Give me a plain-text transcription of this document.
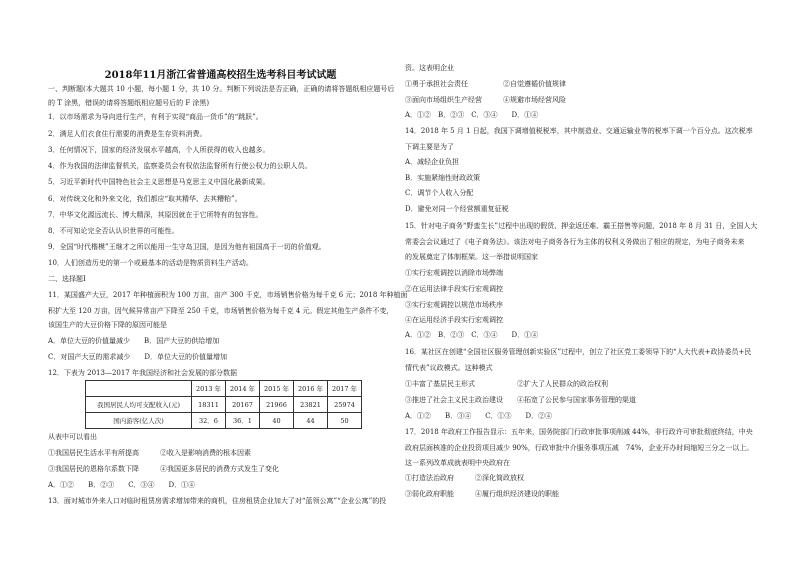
2018年11月浙江省普通高校招生选考科目考试试题
一、判断题(本大题共 10 小题，每小题 1 分，共 10 分。判断下列说法是否正确，正确的请将答题纸相应题号后
的 T 涂黑，错误的请将答题纸相应题号后的 F 涂黑)
1．以市场需求为导向进行生产，有利于实现“商品一货币”的“跳跃”。
2．满足人们衣食住行需要的消费是生存资料消费。
3．任何情况下，国家的经济发展水平越高，个人所获得的收入也越多。
4．作为我国的法律监督机关，监察委员会有权依法监督所有行使公权力的公职人员。
5．习近平新时代中国特色社会主义思想是马克思主义中国化最新成果。
6．对传统文化和外来文化，我们都应“取其精华、去其糟粕”。
7．中华文化源远流长、博大精深，其原因就在于它所特有的包容性。
8．不可知论完全否认认识世界的可能性。
9．全国“时代楷模”王继才之所以能用一生守岛卫国，是因为他有祖国高于一切的价值观。
10．人们创造历史的第一个或最基本的活动是物质资料生产活动。
二、选择题Ⅰ
11．某国盛产大豆，2017 年种植面积为 100 万亩，亩产 300 千克，市场销售价格为每千克 6 元；2018 年种植面
积扩大至 120 万亩，因气候异常亩产下降至 250 千克，市场销售价格为每千克 4 元。假定其他生产条件不变，
该国生产的大豆价格下降的原因可能是
A．单位大豆的价值量减少　　B．国产大豆的供给增加
C．对国产大豆的需求减少　　D．单位大豆的价值量增加
12．下表为 2013—2017 年我国经济和社会发展的部分数据
从表中可以看出
①我国居民生活水平有所提高　　　②收入是影响消费的根本因素
③我国居民的恩格尔系数下降　　　④我国更多居民的消费方式发生了变化
A．①②　　B．②③　　C．③④　　D．①④
13．面对城市外来人口对临时租赁房需求增加带来的商机，住房租赁企业加大了对“蓝领公寓”“企业公寓”的投
资。这表明企业
①勇于承担社会责任　　　　　②自觉遵循价值规律
③面向市场组织生产经营　　　④规避市场经营风险
A．①②　B．②③　C．③④　　D．①④
14．2018 年 5 月 1 日起，我国下调增值税税率，其中制造业、交通运输业等的税率下调一个百分点。这次税率
下调主要是为了
A．减轻企业负担
B．实施紧缩性财政政策
C．调节个人收入分配
D．避免对同一个经营额重复征税
15．针对电子商务“野蛮生长”过程中出现的假货、押金返还难、霸王搭售等问题，2018 年 8 月 31 日，全国人大
常委会会议通过了《电子商务法》。该法对电子商务各行为主体的权利义务做出了相应的规定，为电子商务未来
的发展奠定了体制框架。这一举措说明国家
①实行宏观调控以消除市场弊端
②在运用法律手段实行宏观调控
③实行宏观调控以规范市场秩序
④在运用经济手段实行宏观调控
A．①②　B．②③　C．③④　　D．①④
16．某社区在创建“全国社区服务管理创新实验区”过程中，创立了社区党工委领导下的“人大代表+政协委员+民
情代表”议政模式。这种模式
①丰富了基层民主形式　　　　　　②扩大了人民群众的政治权利
③推进了社会主义民主政治建设　　④拓宽了公民参与国家事务管理的渠道
A．①②　　B．③④　　C．①③　　D．②④
17．2018 年政府工作报告显示：五年来，国务院部门行政审批事项削减 44%，非行政许可审批彻底终结，中央
政府层面核准的企业投资项目减少 90%，行政审批中介服务事项压减　74%，企业开办时间缩短三分之一以上。
这一系列改革成就表明中央政府在
①打造法治政府　　　②深化简政放权
③弱化政府职能　　　④履行组织经济建设的职能
	2013 年	2014 年	2015 年	2016 年	2017 年
我国居民人均可支配收入(元)	18311	20167	21966	23821	25974
国内游客(亿人次)	32．6	36．1	40	44	50
